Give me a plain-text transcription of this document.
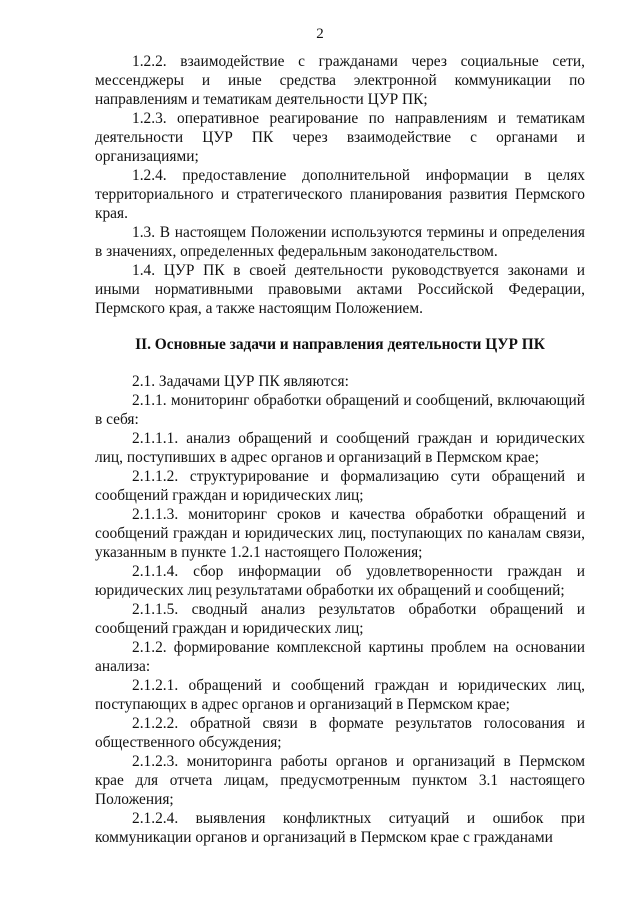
2

1.2.2. взаимодействие с гражданами через социальные сети, мессенджеры и иные средства электронной коммуникации по направлениям и тематикам деятельности ЦУР ПК;

1.2.3. оперативное реагирование по направлениям и тематикам деятельности ЦУР ПК через взаимодействие с органами и организациями;

1.2.4. предоставление дополнительной информации в целях территориального и стратегического планирования развития Пермского края.

1.3. В настоящем Положении используются термины и определения в значениях, определенных федеральным законодательством.

1.4. ЦУР ПК в своей деятельности руководствуется законами и иными нормативными правовыми актами Российской Федерации, Пермского края, а также настоящим Положением.

II. Основные задачи и направления деятельности ЦУР ПК

2.1. Задачами ЦУР ПК являются:

2.1.1. мониторинг обработки обращений и сообщений, включающий в себя:

2.1.1.1. анализ обращений и сообщений граждан и юридических лиц, поступивших в адрес органов и организаций в Пермском крае;

2.1.1.2. структурирование и формализацию сути обращений и сообщений граждан и юридических лиц;

2.1.1.3. мониторинг сроков и качества обработки обращений и сообщений граждан и юридических лиц, поступающих по каналам связи, указанным в пункте 1.2.1 настоящего Положения;

2.1.1.4. сбор информации об удовлетворенности граждан и юридических лиц результатами обработки их обращений и сообщений;

2.1.1.5. сводный анализ результатов обработки обращений и сообщений граждан и юридических лиц;

2.1.2. формирование комплексной картины проблем на основании анализа:

2.1.2.1. обращений и сообщений граждан и юридических лиц, поступающих в адрес органов и организаций в Пермском крае;

2.1.2.2. обратной связи в формате результатов голосования и общественного обсуждения;

2.1.2.3. мониторинга работы органов и организаций в Пермском крае для отчета лицам, предусмотренным пунктом 3.1 настоящего Положения;

2.1.2.4. выявления конфликтных ситуаций и ошибок при коммуникации органов и организаций в Пермском крае с гражданами
